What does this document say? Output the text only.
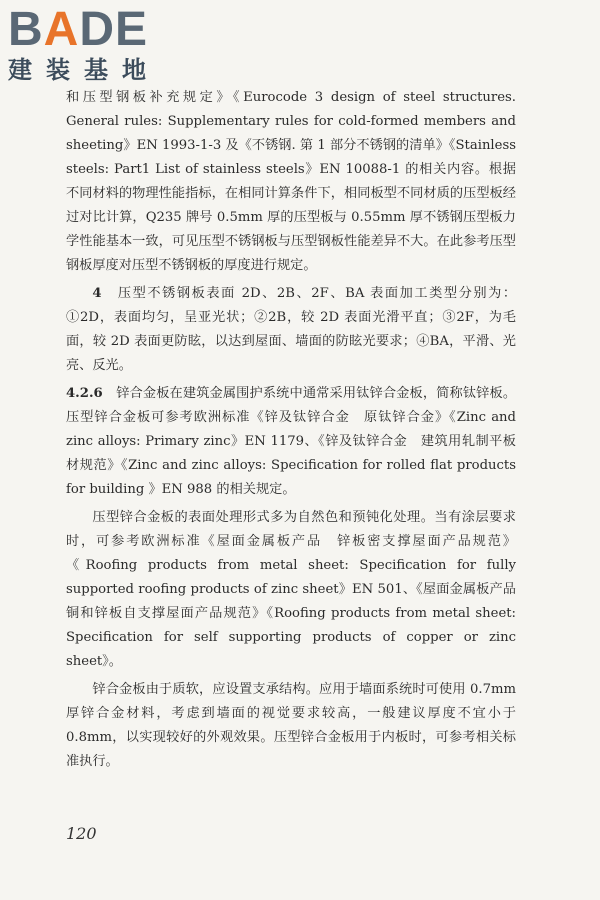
BADE
建装基地

和压型钢板补充规定》《Eurocode 3 design of steel structures. General rules: Supplementary rules for cold-formed members and sheeting》EN 1993-1-3 及《不锈钢. 第 1 部分不锈钢的清单》《Stainless steels: Part1 List of stainless steels》EN 10088-1 的相关内容。根据不同材料的物理性能指标，在相同计算条件下，相同板型不同材质的压型板经过对比计算，Q235 牌号 0.5mm 厚的压型板与 0.55mm 厚不锈钢压型板力学性能基本一致，可见压型不锈钢板与压型钢板性能差异不大。在此参考压型钢板厚度对压型不锈钢板的厚度进行规定。

4　 压型不锈钢板表面 2D、2B、2F、BA 表面加工类型分别为：①2D，表面均匀，呈亚光状；②2B，较 2D 表面光滑平直；③2F，为毛面，较 2D 表面更防眩，以达到屋面、墙面的防眩光要求；④BA，平滑、光亮、反光。

4.2.6　 锌合金板在建筑金属围护系统中通常采用钛锌合金板，简称钛锌板。压型锌合金板可参考欧洲标准《锌及钛锌合金　原钛锌合金》《Zinc and zinc alloys: Primary zinc》EN 1179、《锌及钛锌合金　建筑用轧制平板材规范》《Zinc and zinc alloys: Specification for rolled flat products for building 》EN 988 的相关规定。

压型锌合金板的表面处理形式多为自然色和预钝化处理。当有涂层要求时，可参考欧洲标准《屋面金属板产品　锌板密支撑屋面产品规范》《Roofing products from metal sheet: Specification for fully supported roofing products of zinc sheet》EN 501、《屋面金属板产品　铜和锌板自支撑屋面产品规范》《Roofing products from metal sheet: Specification for self supporting products of copper or zinc sheet》。

锌合金板由于质软，应设置支承结构。应用于墙面系统时可使用 0.7mm 厚锌合金材料，考虑到墙面的视觉要求较高，一般建议厚度不宜小于 0.8mm，以实现较好的外观效果。压型锌合金板用于内板时，可参考相关标准执行。

120
